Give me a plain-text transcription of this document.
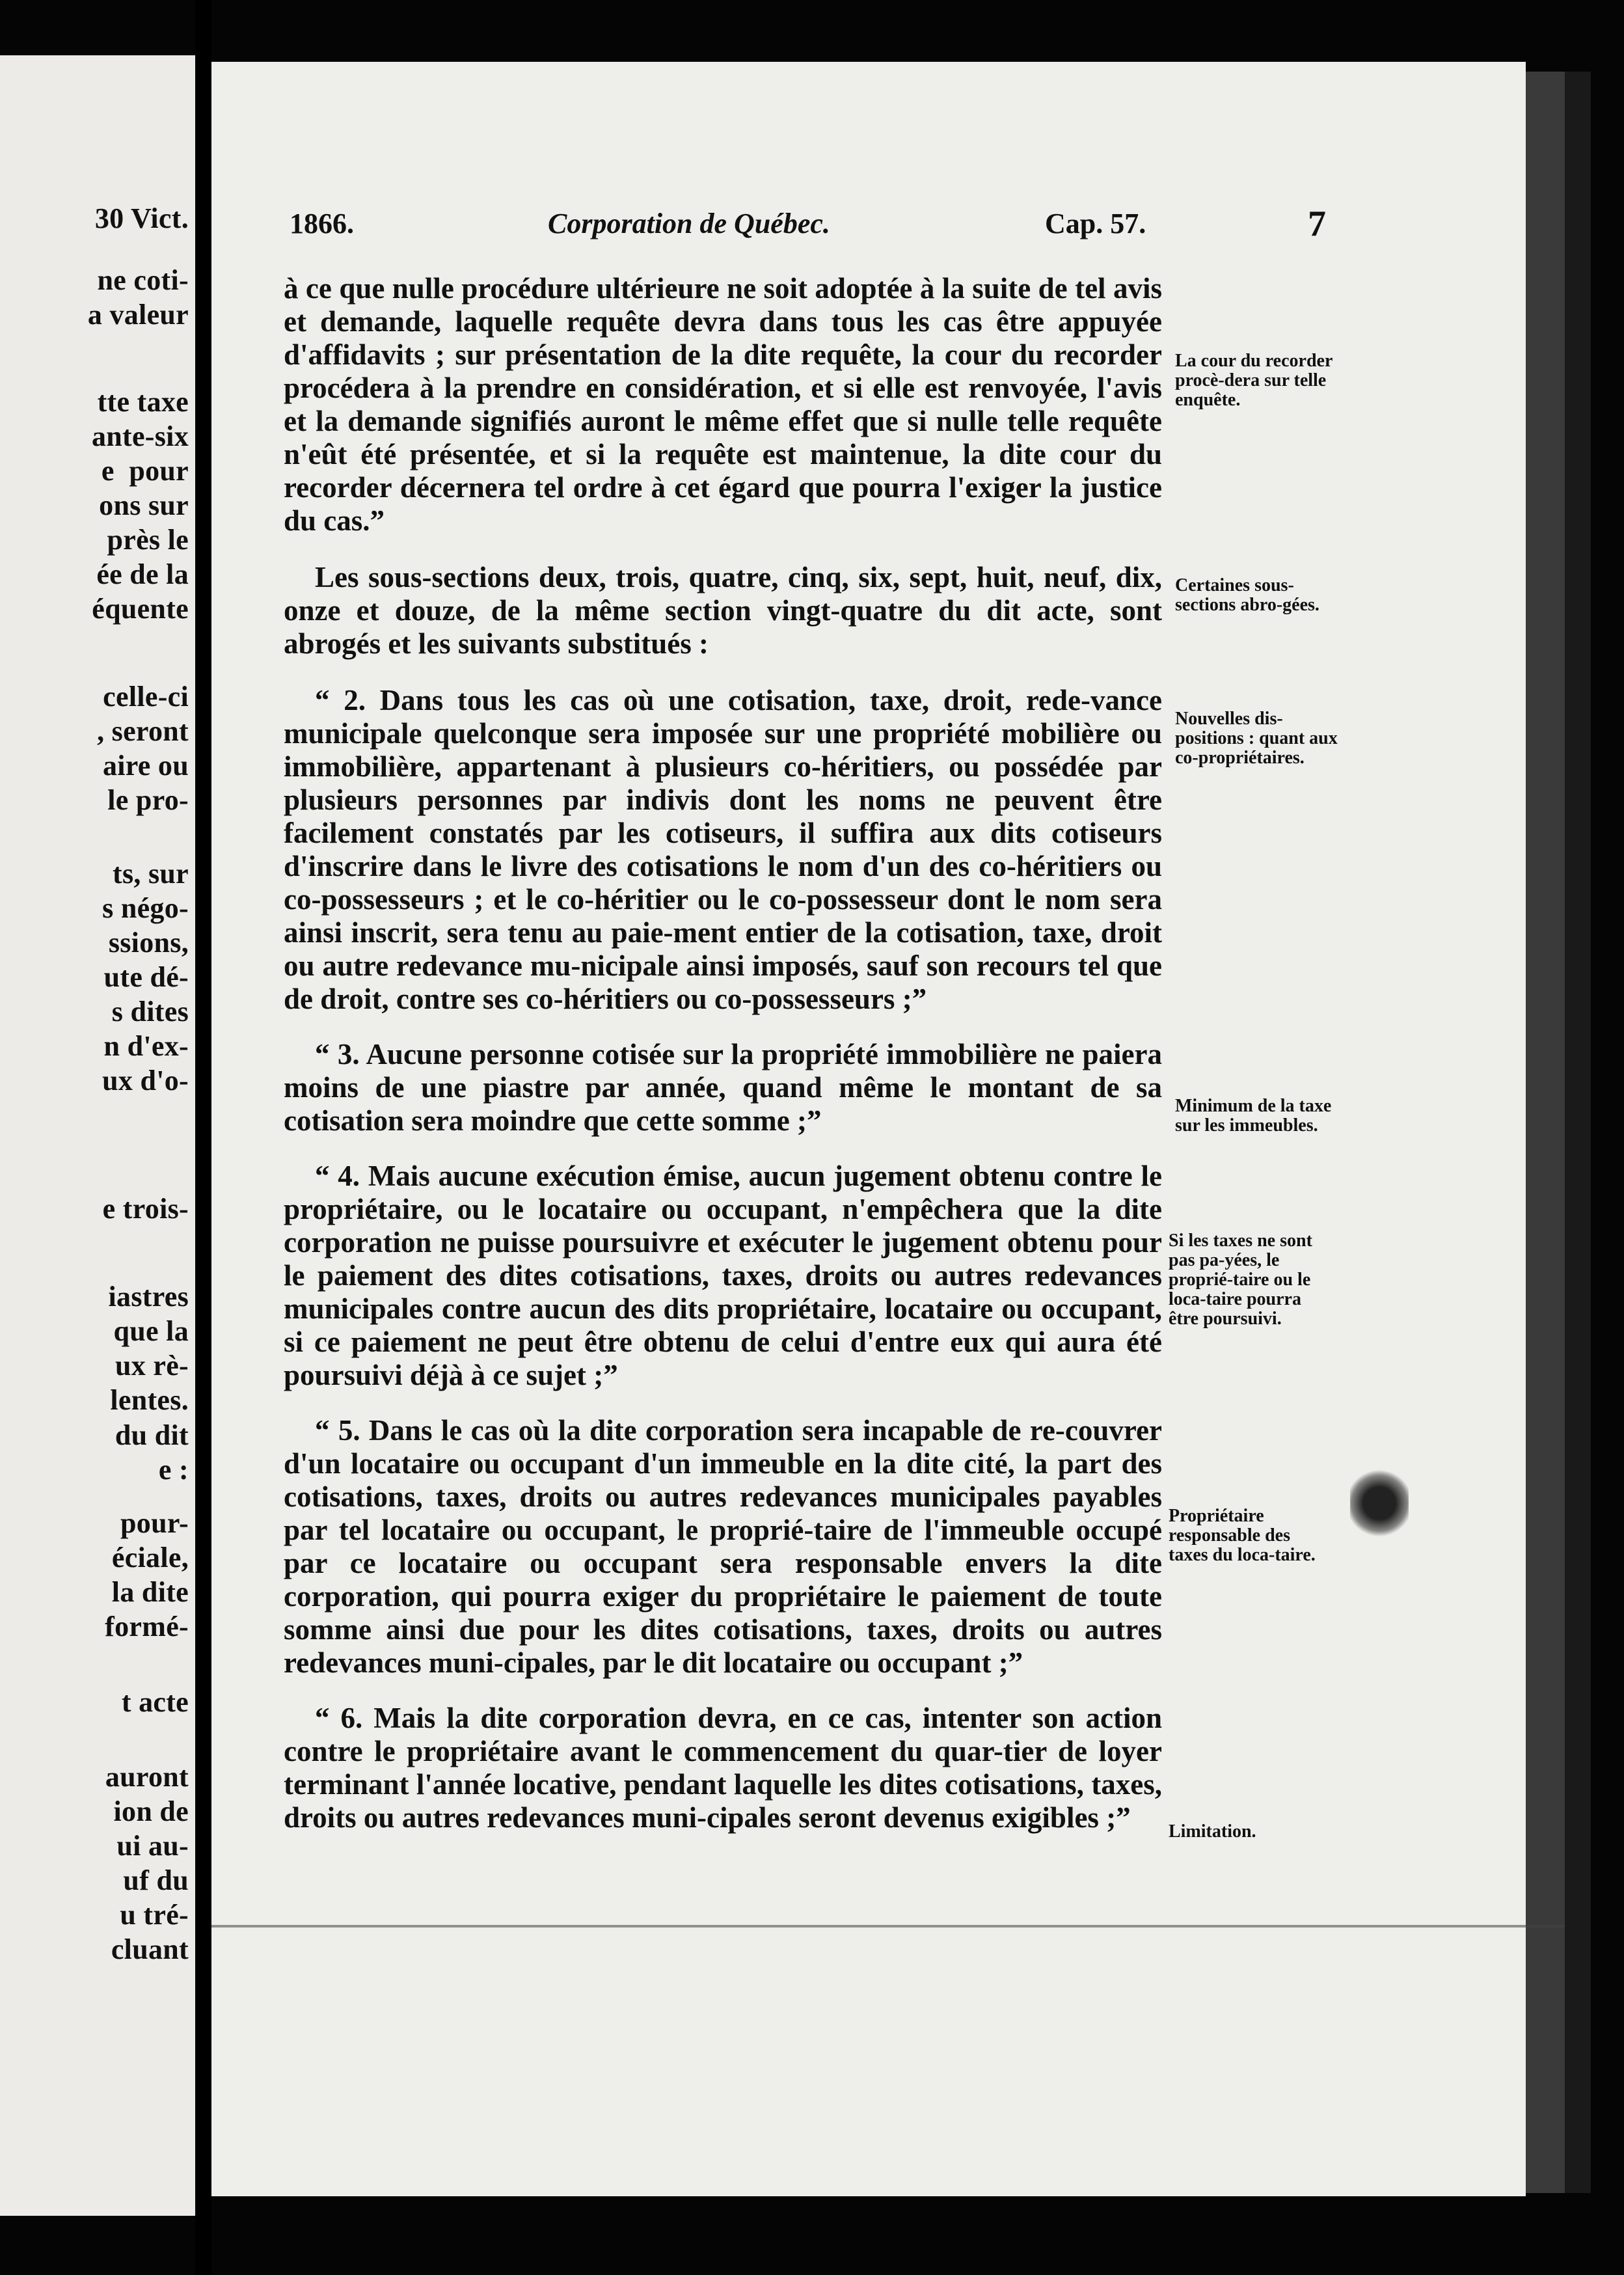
30 Vict.
ne coti-
a valeur
tte taxe
ante-six
e  pour
ons sur
près le
ée de la
équente
celle-ci
, seront
aire ou
le pro-
ts, sur
s négo-
ssions,
ute dé-
s dites
n d'ex-
ux d'o-
e trois-
iastres
que la
ux rè-
lentes.
du dit
e :
pour-
éciale,
la dite
formé-
t acte
auront
ion de
ui au-
uf du
u tré-
cluant
1866.	Corporation de Québec.	Cap. 57.	7

à ce que nulle procédure ultérieure ne soit adoptée à la suite de tel avis et demande, laquelle requête devra dans tous les cas être appuyée d'affidavits ; sur présentation de la dite requête, la cour du recorder procédera à la prendre en considération, et si elle est renvoyée, l'avis et la demande signifiés auront le même effet que si nulle telle requête n'eût été présentée, et si la requête est maintenue, la dite cour du recorder décernera tel ordre à cet égard que pourra l'exiger la justice du cas.”

Les sous-sections deux, trois, quatre, cinq, six, sept, huit, neuf, dix, onze et douze, de la même section vingt-quatre du dit acte, sont abrogés et les suivants substitués :

“ 2. Dans tous les cas où une cotisation, taxe, droit, rede-vance municipale quelconque sera imposée sur une propriété mobilière ou immobilière, appartenant à plusieurs co-héritiers, ou possédée par plusieurs personnes par indivis dont les noms ne peuvent être facilement constatés par les cotiseurs, il suffira aux dits cotiseurs d'inscrire dans le livre des cotisations le nom d'un des co-héritiers ou co-possesseurs ; et le co-héritier ou le co-possesseur dont le nom sera ainsi inscrit, sera tenu au paie-ment entier de la cotisation, taxe, droit ou autre redevance mu-nicipale ainsi imposés, sauf son recours tel que de droit, contre ses co-héritiers ou co-possesseurs ;”

“ 3. Aucune personne cotisée sur la propriété immobilière ne paiera moins de une piastre par année, quand même le montant de sa cotisation sera moindre que cette somme ;”

“ 4. Mais aucune exécution émise, aucun jugement obtenu contre le propriétaire, ou le locataire ou occupant, n'empêchera que la dite corporation ne puisse poursuivre et exécuter le jugement obtenu pour le paiement des dites cotisations, taxes, droits ou autres redevances municipales contre aucun des dits propriétaire, locataire ou occupant, si ce paiement ne peut être obtenu de celui d'entre eux qui aura été poursuivi déjà à ce sujet ;”

“ 5. Dans le cas où la dite corporation sera incapable de re-couvrer d'un locataire ou occupant d'un immeuble en la dite cité, la part des cotisations, taxes, droits ou autres redevances municipales payables par tel locataire ou occupant, le proprié-taire de l'immeuble occupé par ce locataire ou occupant sera responsable envers la dite corporation, qui pourra exiger du propriétaire le paiement de toute somme ainsi due pour les dites cotisations, taxes, droits ou autres redevances muni-cipales, par le dit locataire ou occupant ;”

“ 6. Mais la dite corporation devra, en ce cas, intenter son action contre le propriétaire avant le commencement du quar-tier de loyer terminant l'année locative, pendant laquelle les dites cotisations, taxes, droits ou autres redevances muni-cipales seront devenus exigibles ;”

La cour du recorder procè-dera sur telle enquête.
Certaines sous-sections abro-gées.
Nouvelles dis-positions : quant aux co-propriétaires.
Minimum de la taxe sur les immeubles.
Si les taxes ne sont pas pa-yées, le proprié-taire ou le loca-taire pourra être poursuivi.
Propriétaire responsable des taxes du loca-taire.
Limitation.
